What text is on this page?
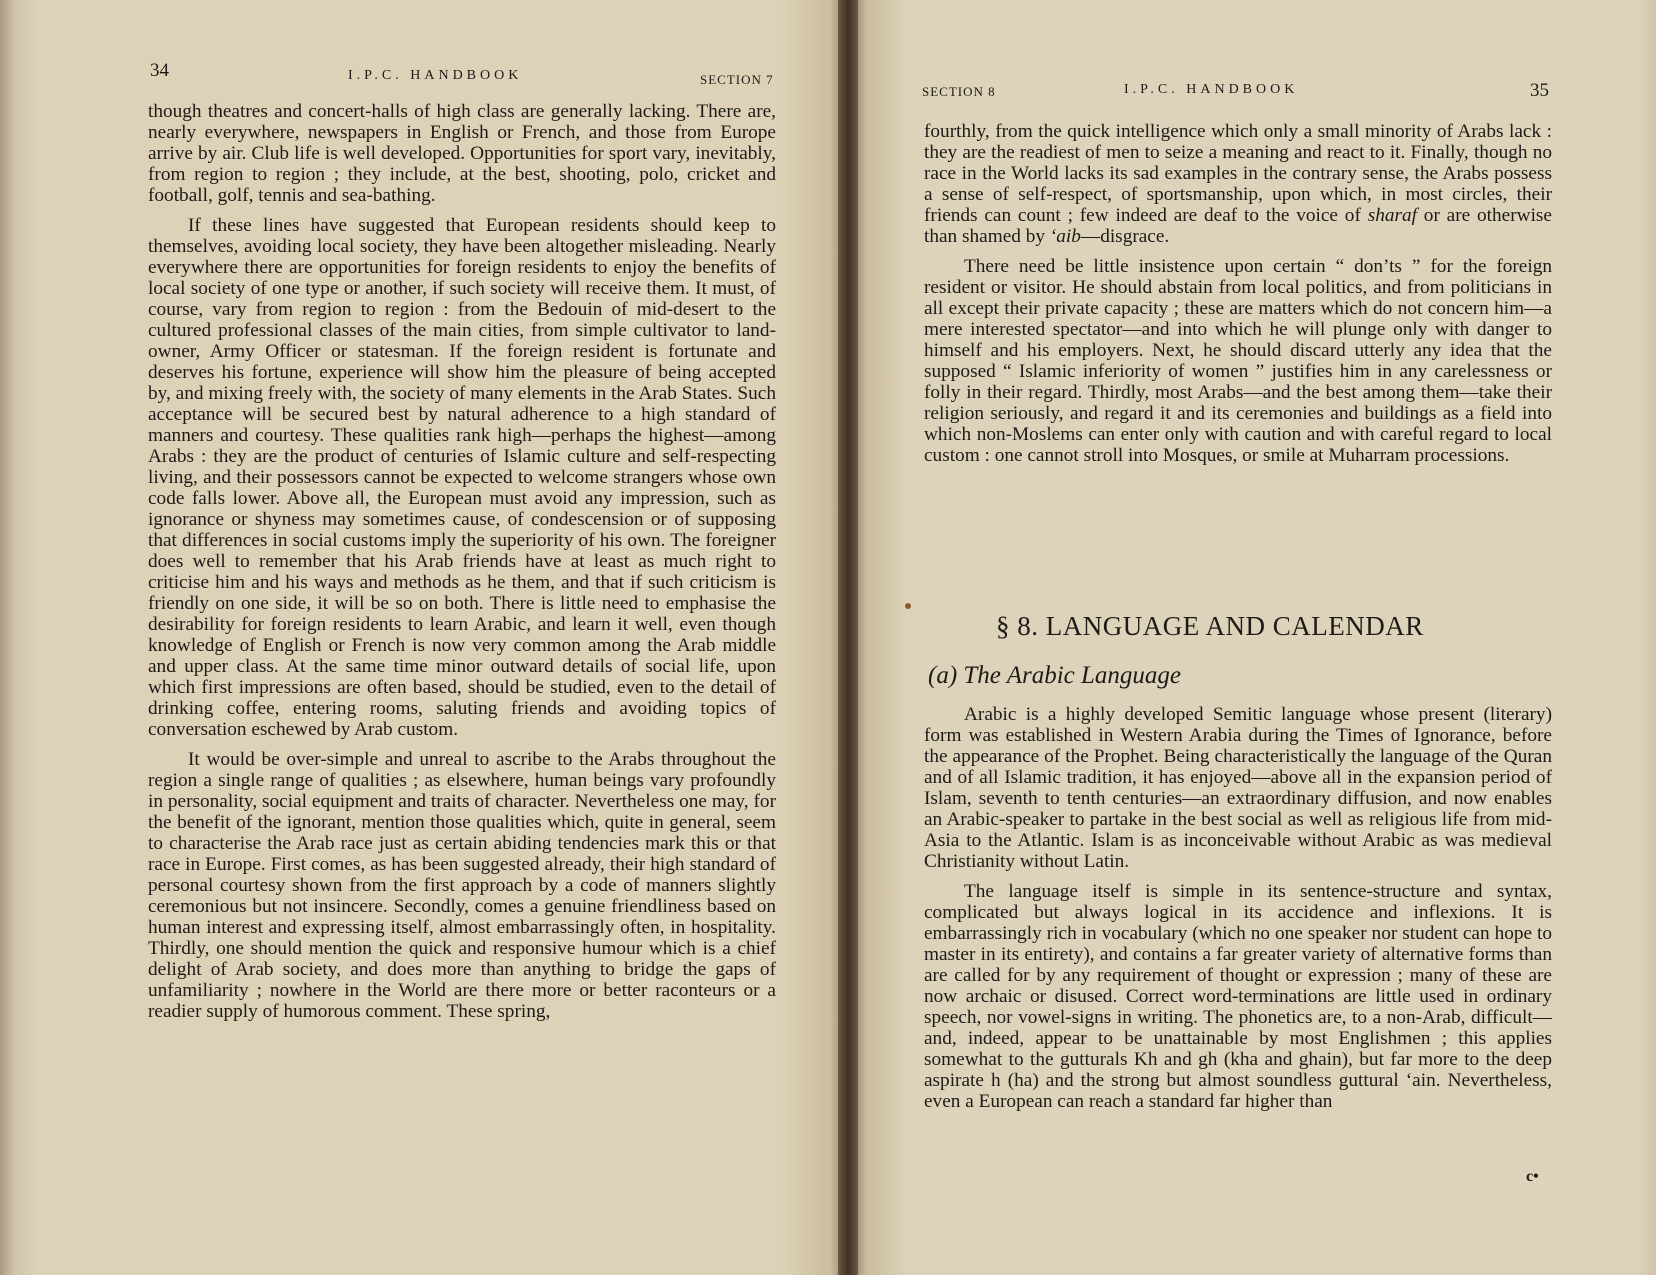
34	I.P.C. HANDBOOK	SECTION 7

though theatres and concert-halls of high class are generally lacking. There are, nearly everywhere, newspapers in English or French, and those from Europe arrive by air. Club life is well developed. Opportunities for sport vary, inevitably, from region to region ; they include, at the best, shooting, polo, cricket and football, golf, tennis and sea-bathing.

If these lines have suggested that European residents should keep to themselves, avoiding local society, they have been altogether misleading. Nearly everywhere there are opportunities for foreign residents to enjoy the benefits of local society of one type or another, if such society will receive them. It must, of course, vary from region to region : from the Bedouin of mid-desert to the cultured professional classes of the main cities, from simple cultivator to land-owner, Army Officer or statesman. If the foreign resident is fortunate and deserves his fortune, experience will show him the pleasure of being accepted by, and mixing freely with, the society of many elements in the Arab States. Such acceptance will be secured best by natural adherence to a high standard of manners and courtesy. These qualities rank high—perhaps the highest—among Arabs : they are the product of centuries of Islamic culture and self-respecting living, and their possessors cannot be expected to welcome strangers whose own code falls lower. Above all, the European must avoid any impression, such as ignorance or shyness may sometimes cause, of condescension or of supposing that differences in social customs imply the superiority of his own. The foreigner does well to remember that his Arab friends have at least as much right to criticise him and his ways and methods as he them, and that if such criticism is friendly on one side, it will be so on both. There is little need to emphasise the desirability for foreign residents to learn Arabic, and learn it well, even though knowledge of English or French is now very common among the Arab middle and upper class. At the same time minor outward details of social life, upon which first impressions are often based, should be studied, even to the detail of drinking coffee, entering rooms, saluting friends and avoiding topics of conversation eschewed by Arab custom.

It would be over-simple and unreal to ascribe to the Arabs throughout the region a single range of qualities ; as elsewhere, human beings vary profoundly in personality, social equipment and traits of character. Nevertheless one may, for the benefit of the ignorant, mention those qualities which, quite in general, seem to characterise the Arab race just as certain abiding tendencies mark this or that race in Europe. First comes, as has been suggested already, their high standard of personal courtesy shown from the first approach by a code of manners slightly ceremonious but not insincere. Secondly, comes a genuine friendliness based on human interest and expressing itself, almost embarrassingly often, in hospitality. Thirdly, one should mention the quick and responsive humour which is a chief delight of Arab society, and does more than anything to bridge the gaps of unfamiliarity ; nowhere in the World are there more or better raconteurs or a readier supply of humorous comment. These spring,

SECTION 8	I.P.C. HANDBOOK	35

fourthly, from the quick intelligence which only a small minority of Arabs lack : they are the readiest of men to seize a meaning and react to it. Finally, though no race in the World lacks its sad examples in the contrary sense, the Arabs possess a sense of self-respect, of sportsmanship, upon which, in most circles, their friends can count ; few indeed are deaf to the voice of sharaf or are otherwise than shamed by ‘aib—disgrace.

There need be little insistence upon certain “ don’ts ” for the foreign resident or visitor. He should abstain from local politics, and from politicians in all except their private capacity ; these are matters which do not concern him—a mere interested spectator—and into which he will plunge only with danger to himself and his employers. Next, he should discard utterly any idea that the supposed “ Islamic inferiority of women ” justifies him in any carelessness or folly in their regard. Thirdly, most Arabs—and the best among them—take their religion seriously, and regard it and its ceremonies and buildings as a field into which non-Moslems can enter only with caution and with careful regard to local custom : one cannot stroll into Mosques, or smile at Muharram processions.

§ 8. LANGUAGE AND CALENDAR
(a) The Arabic Language

Arabic is a highly developed Semitic language whose present (literary) form was established in Western Arabia during the Times of Ignorance, before the appearance of the Prophet. Being characteristically the language of the Quran and of all Islamic tradition, it has enjoyed—above all in the expansion period of Islam, seventh to tenth centuries—an extraordinary diffusion, and now enables an Arabic-speaker to partake in the best social as well as religious life from mid-Asia to the Atlantic. Islam is as inconceivable without Arabic as was medieval Christianity without Latin.

The language itself is simple in its sentence-structure and syntax, complicated but always logical in its accidence and inflexions. It is embarrassingly rich in vocabulary (which no one speaker nor student can hope to master in its entirety), and contains a far greater variety of alternative forms than are called for by any requirement of thought or expression ; many of these are now archaic or disused. Correct word-terminations are little used in ordinary speech, nor vowel-signs in writing. The phonetics are, to a non-Arab, difficult—and, indeed, appear to be unattainable by most Englishmen ; this applies somewhat to the gutturals Kh and gh (kha and ghain), but far more to the deep aspirate h (ha) and the strong but almost soundless guttural ‘ain. Nevertheless, even a European can reach a standard far higher than

c•
